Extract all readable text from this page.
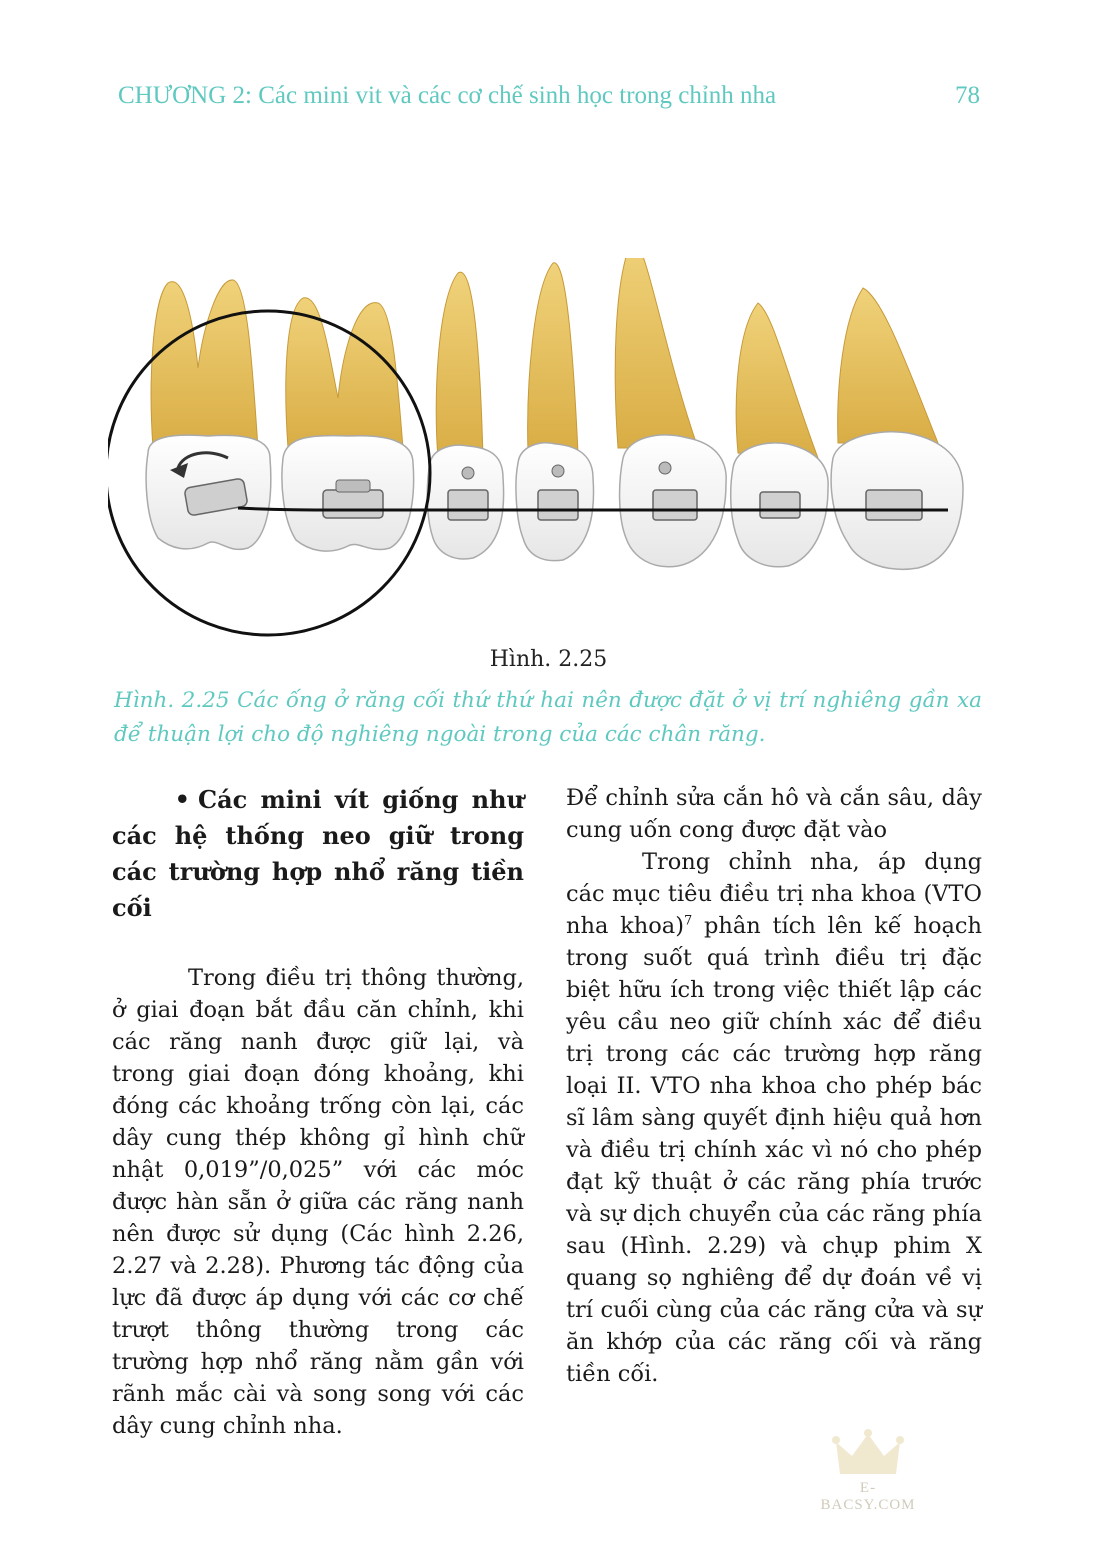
CHƯƠNG 2: Các mini vit và các cơ chế sinh học trong chỉnh nha	78
Hình. 2.25
Hình. 2.25 Các ống ở răng cối thứ thứ hai nên được đặt ở vị trí nghiêng gần xa để thuận lợi cho độ nghiêng ngoài trong của các chân răng.
• Các mini vít giống như các hệ thống neo giữ trong các trường hợp nhổ răng tiền cối

Trong điều trị thông thường, ở giai đoạn bắt đầu căn chỉnh, khi các răng nanh được giữ lại, và trong giai đoạn đóng khoảng, khi đóng các khoảng trống còn lại, các dây cung thép không gỉ hình chữ nhật 0,019”/0,025” với các móc được hàn sẵn ở giữa các răng nanh nên được sử dụng (Các hình 2.26, 2.27 và 2.28). Phương tác động của lực đã được áp dụng với các cơ chế trượt thông thường trong các trường hợp nhổ răng nằm gần với rãnh mắc cài và song song với các dây cung chỉnh nha.

Để chỉnh sửa cắn hô và cắn sâu, dây cung uốn cong được đặt vào

Trong chỉnh nha, áp dụng các mục tiêu điều trị nha khoa (VTO nha khoa)$^7$ phân tích lên kế hoạch trong suốt quá trình điều trị đặc biệt hữu ích trong việc thiết lập các yêu cầu neo giữ chính xác để điều trị trong các các trường hợp răng loại II. VTO nha khoa cho phép bác sĩ lâm sàng quyết định hiệu quả hơn và điều trị chính xác vì nó cho phép đạt kỹ thuật ở các răng phía trước và sự dịch chuyển của các răng phía sau (Hình. 2.29) và chụp phim X quang sọ nghiêng để dự đoán về vị trí cuối cùng của các răng cửa và sự ăn khớp của các răng cối và răng tiền cối.

E-BACSY.COM
